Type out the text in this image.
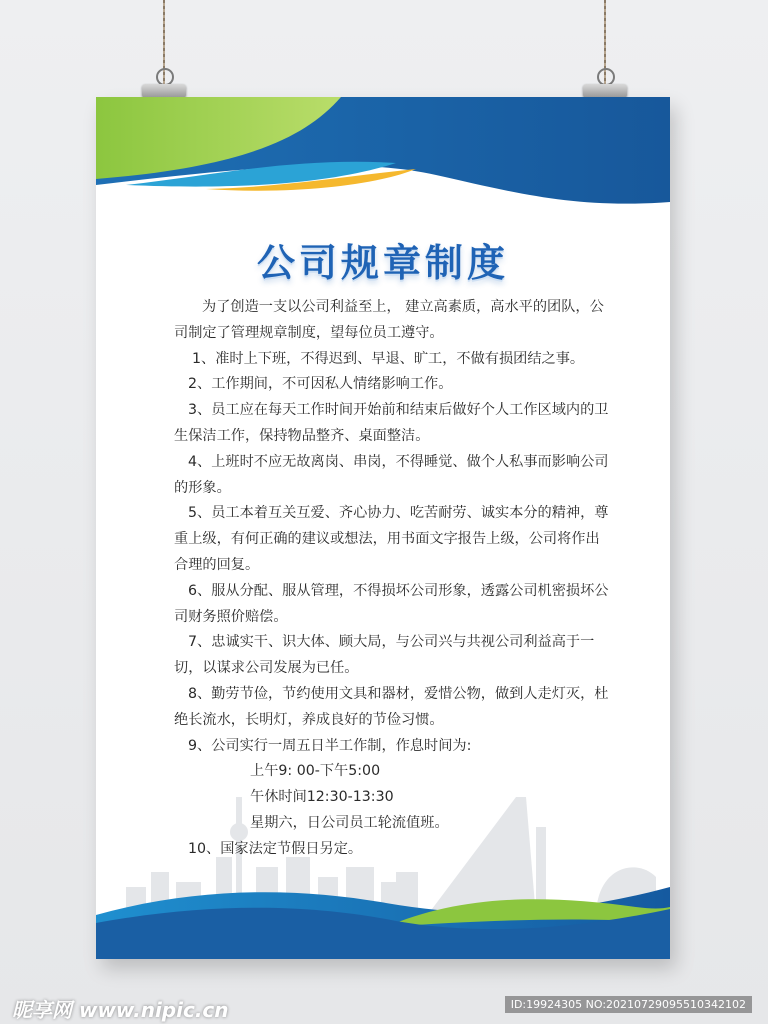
公司规章制度

为了创造一支以公司利益至上， 建立高素质，高水平的团队，公司制定了管理规章制度，望每位员工遵守。

1、准时上下班，不得迟到、早退、旷工，不做有损团结之事。

2、工作期间，不可因私人情绪影响工作。

3、员工应在每天工作时间开始前和结束后做好个人工作区域内的卫生保洁工作，保持物品整齐、桌面整洁。

4、上班时不应无故离岗、串岗，不得睡觉、做个人私事而影响公司的形象。

5、员工本着互关互爱、齐心协力、吃苦耐劳、诚实本分的精神，尊重上级，有何正确的建议或想法，用书面文字报告上级，公司将作出合理的回复。

6、服从分配、服从管理，不得损坏公司形象，透露公司机密损坏公司财务照价赔偿。

7、忠诚实干、识大体、顾大局，与公司兴与共视公司利益高于一切，以谋求公司发展为已任。

8、勤劳节俭，节约使用文具和器材，爱惜公物，做到人走灯灭，杜绝长流水，长明灯，养成良好的节俭习惯。

9、公司实行一周五日半工作制，作息时间为:

上午9: 00-下午5:00

午休时间12:30-13:30

星期六，日公司员工轮流值班。

10、国家法定节假日另定。

昵享网 www.nipic.cn	ID:19924305 NO:20210729095510342102
